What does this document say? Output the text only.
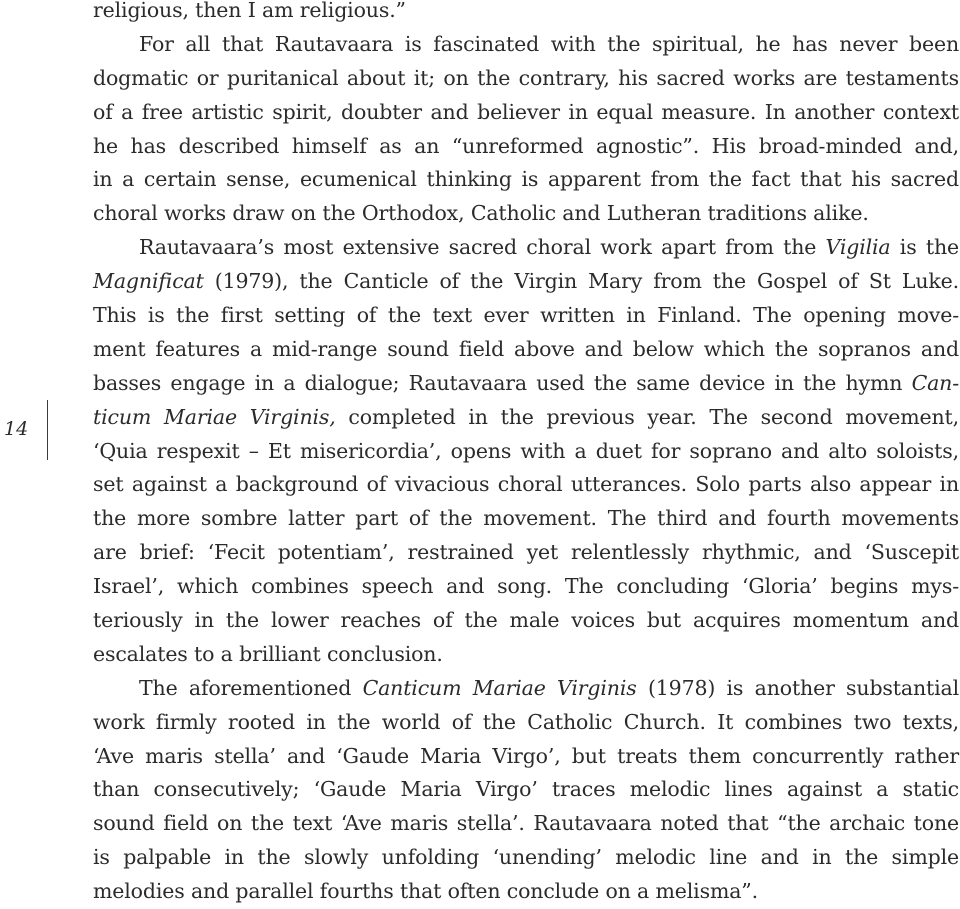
14
religious, then I am religious.”
For all that Rautavaara is fascinated with the spiritual, he has never been
dogmatic or puritanical about it; on the contrary, his sacred works are testaments
of a free artistic spirit, doubter and believer in equal measure. In another context
he has described himself as an “unreformed agnostic”. His broad-minded and,
in a certain sense, ecumenical thinking is apparent from the fact that his sacred
choral works draw on the Orthodox, Catholic and Lutheran traditions alike.
Rautavaara’s most extensive sacred choral work apart from the Vigilia is the
Magnificat (1979), the Canticle of the Virgin Mary from the Gospel of St Luke.
This is the first setting of the text ever written in Finland. The opening move-
ment features a mid-range sound field above and below which the sopranos and
basses engage in a dialogue; Rautavaara used the same device in the hymn Can-
ticum Mariae Virginis, completed in the previous year. The second movement,
‘Quia respexit – Et misericordia’, opens with a duet for soprano and alto soloists,
set against a background of vivacious choral utterances. Solo parts also appear in
the more sombre latter part of the movement. The third and fourth movements
are brief: ‘Fecit potentiam’, restrained yet relentlessly rhythmic, and ‘Suscepit
Israel’, which combines speech and song. The concluding ‘Gloria’ begins mys-
teriously in the lower reaches of the male voices but acquires momentum and
escalates to a brilliant conclusion.
The aforementioned Canticum Mariae Virginis (1978) is another substantial
work firmly rooted in the world of the Catholic Church. It combines two texts,
‘Ave maris stella’ and ‘Gaude Maria Virgo’, but treats them concurrently rather
than consecutively; ‘Gaude Maria Virgo’ traces melodic lines against a static
sound field on the text ‘Ave maris stella’. Rautavaara noted that “the archaic tone
is palpable in the slowly unfolding ‘unending’ melodic line and in the simple
melodies and parallel fourths that often conclude on a melisma”.
